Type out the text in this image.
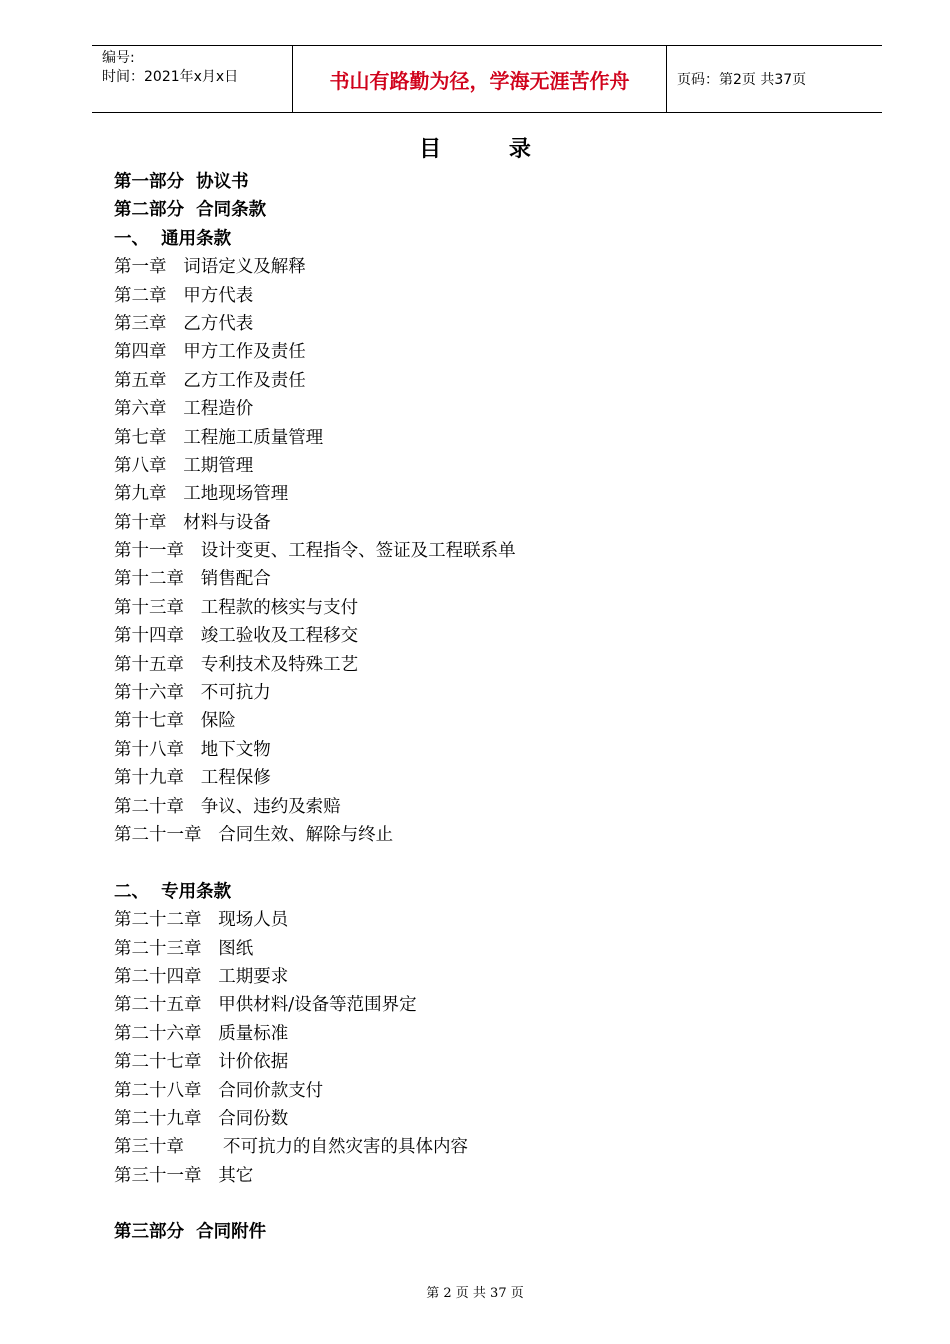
编号:
时间：2021年x月x日	书山有路勤为径，学海无涯苦作舟	页码：第2页 共37页
目 录
第一部分  协议书
第二部分  合同条款
一、  通用条款
第一章   词语定义及解释
第二章   甲方代表
第三章   乙方代表
第四章   甲方工作及责任
第五章   乙方工作及责任
第六章   工程造价
第七章   工程施工质量管理
第八章   工期管理
第九章   工地现场管理
第十章   材料与设备
第十一章   设计变更、工程指令、签证及工程联系单
第十二章   销售配合
第十三章   工程款的核实与支付
第十四章   竣工验收及工程移交
第十五章   专利技术及特殊工艺
第十六章   不可抗力
第十七章   保险
第十八章   地下文物
第十九章   工程保修
第二十章   争议、违约及索赔
第二十一章   合同生效、解除与终止
二、  专用条款
第二十二章   现场人员
第二十三章   图纸
第二十四章   工期要求
第二十五章   甲供材料/设备等范围界定
第二十六章   质量标准
第二十七章   计价依据
第二十八章   合同价款支付
第二十九章   合同份数
第三十章       不可抗力的自然灾害的具体内容
第三十一章   其它
第三部分  合同附件
第 2 页 共 37 页
